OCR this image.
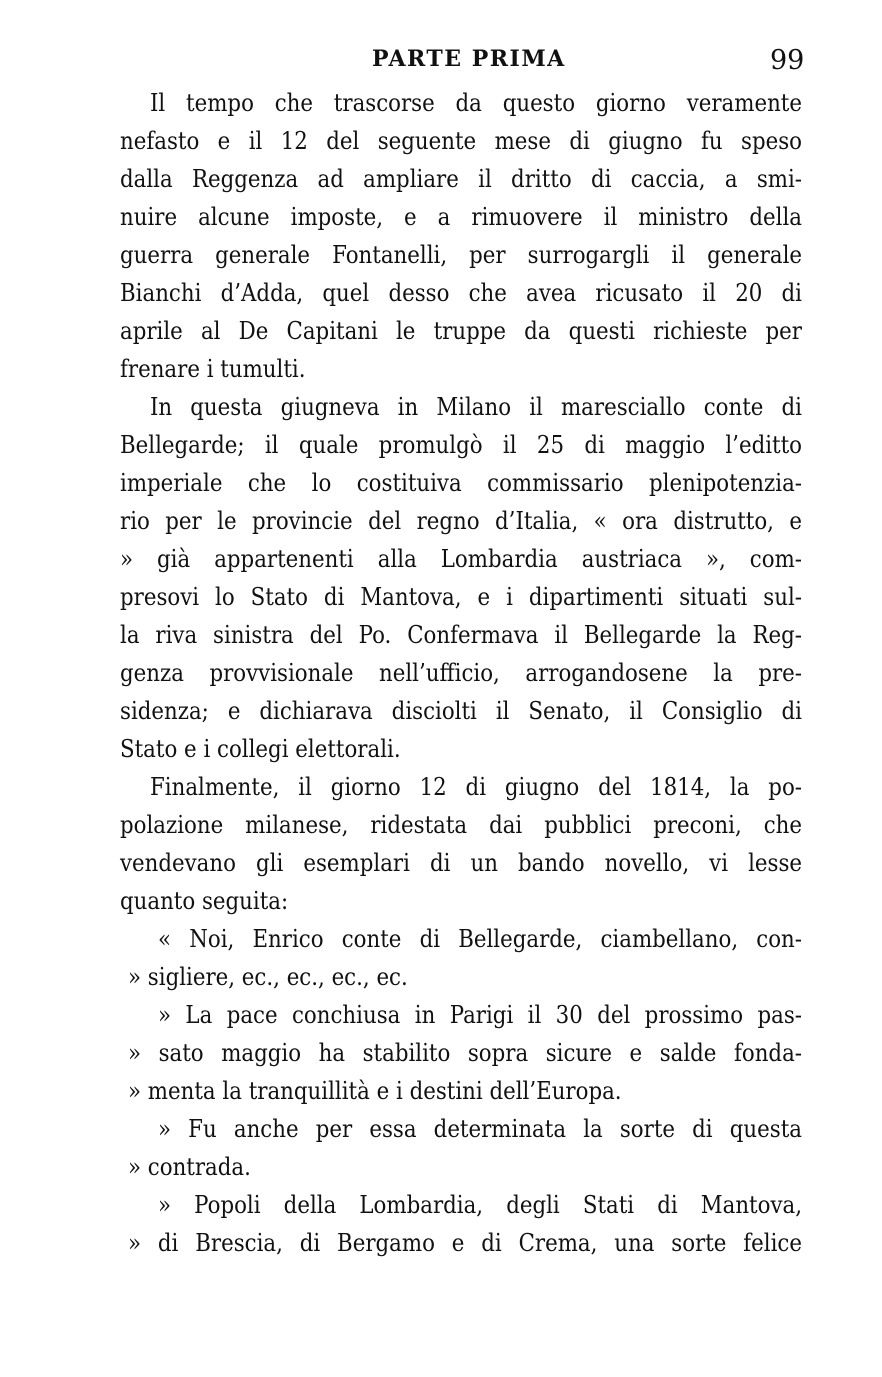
PARTE PRIMA	99
Il tempo che trascorse da questo giorno veramente
nefasto e il 12 del seguente mese di giugno fu speso
dalla Reggenza ad ampliare il dritto di caccia, a smi-
nuire alcune imposte, e a rimuovere il ministro della
guerra generale Fontanelli, per surrogargli il generale
Bianchi d’Adda, quel desso che avea ricusato il 20 di
aprile al De Capitani le truppe da questi richieste per
frenare i tumulti.
In questa giugneva in Milano il maresciallo conte di
Bellegarde; il quale promulgò il 25 di maggio l’editto
imperiale che lo costituiva commissario plenipotenzia-
rio per le provincie del regno d’Italia, « ora distrutto, e
» già appartenenti alla Lombardia austriaca », com-
presovi lo Stato di Mantova, e i dipartimenti situati sul-
la riva sinistra del Po. Confermava il Bellegarde la Reg-
genza provvisionale nell’ufficio, arrogandosene la pre-
sidenza; e dichiarava disciolti il Senato, il Consiglio di
Stato e i collegi elettorali.
Finalmente, il giorno 12 di giugno del 1814, la po-
polazione milanese, ridestata dai pubblici preconi, che
vendevano gli esemplari di un bando novello, vi lesse
quanto seguita:
« Noi, Enrico conte di Bellegarde, ciambellano, con-
» sigliere, ec., ec., ec., ec.
» La pace conchiusa in Parigi il 30 del prossimo pas-
» sato maggio ha stabilito sopra sicure e salde fonda-
» menta la tranquillità e i destini dell’Europa.
» Fu anche per essa determinata la sorte di questa
» contrada.
» Popoli della Lombardia, degli Stati di Mantova,
» di Brescia, di Bergamo e di Crema, una sorte felice
